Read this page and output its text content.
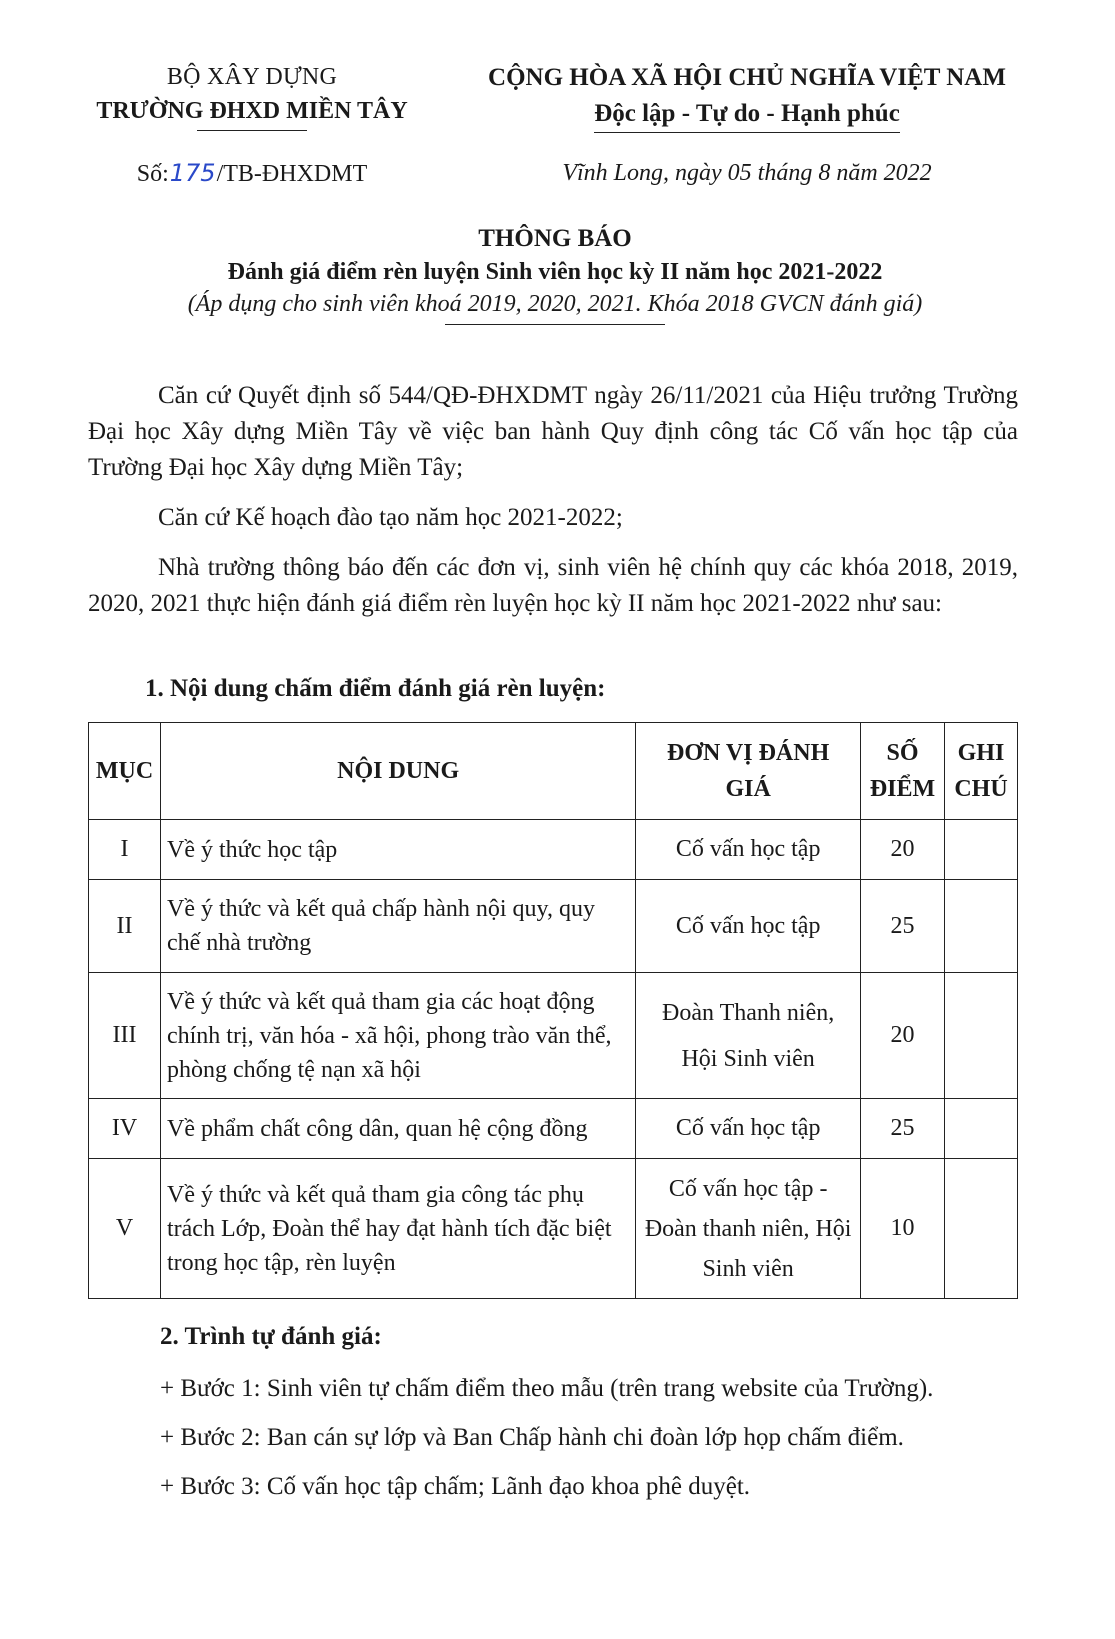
BỘ XÂY DỰNG
TRƯỜNG ĐHXD MIỀN TÂY
Số:175/TB-ĐHXDMT
CỘNG HÒA XÃ HỘI CHỦ NGHĨA VIỆT NAM
Độc lập - Tự do - Hạnh phúc
Vĩnh Long, ngày 05 tháng 8 năm 2022
THÔNG BÁO
Đánh giá điểm rèn luyện Sinh viên học kỳ II năm học 2021-2022
(Áp dụng cho sinh viên khoá 2019, 2020, 2021. Khóa 2018 GVCN đánh giá)

Căn cứ Quyết định số 544/QĐ-ĐHXDMT ngày 26/11/2021 của Hiệu trưởng Trường Đại học Xây dựng Miền Tây về việc ban hành Quy định công tác Cố vấn học tập của Trường Đại học Xây dựng Miền Tây;

Căn cứ Kế hoạch đào tạo năm học 2021-2022;

Nhà trường thông báo đến các đơn vị, sinh viên hệ chính quy các khóa 2018, 2019, 2020, 2021 thực hiện đánh giá điểm rèn luyện học kỳ II năm học 2021-2022 như sau:

1. Nội dung chấm điểm đánh giá rèn luyện:
MỤC	NỘI DUNG	ĐƠN VỊ ĐÁNH GIÁ	SỐ ĐIỂM	GHI CHÚ
I	Về ý thức học tập	Cố vấn học tập	20	
II	Về ý thức và kết quả chấp hành nội quy, quy chế nhà trường	Cố vấn học tập	25	
III	Về ý thức và kết quả tham gia các hoạt động chính trị, văn hóa - xã hội, phong trào văn thể, phòng chống tệ nạn xã hội	Đoàn Thanh niên, Hội Sinh viên	20	
IV	Về phẩm chất công dân, quan hệ cộng đồng	Cố vấn học tập	25	
V	Về ý thức và kết quả tham gia công tác phụ trách Lớp, Đoàn thể hay đạt hành tích đặc biệt trong học tập, rèn luyện	Cố vấn học tập - Đoàn thanh niên, Hội Sinh viên	10	
2. Trình tự đánh giá:
+ Bước 1: Sinh viên tự chấm điểm theo mẫu (trên trang website của Trường).
+ Bước 2: Ban cán sự lớp và Ban Chấp hành chi đoàn lớp họp chấm điểm.
+ Bước 3: Cố vấn học tập chấm; Lãnh đạo khoa phê duyệt.
